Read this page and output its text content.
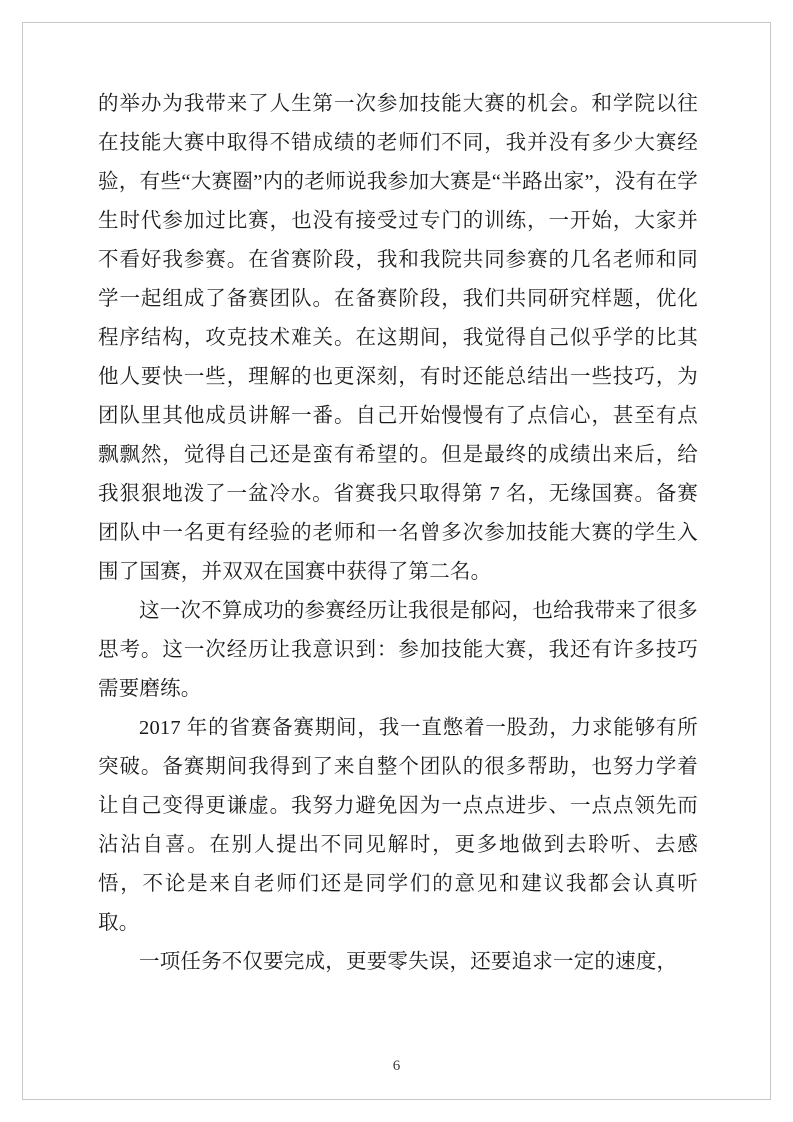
的举办为我带来了人生第一次参加技能大赛的机会。和学院以往在技能大赛中取得不错成绩的老师们不同，我并没有多少大赛经验，有些“大赛圈”内的老师说我参加大赛是“半路出家”，没有在学生时代参加过比赛，也没有接受过专门的训练，一开始，大家并不看好我参赛。在省赛阶段，我和我院共同参赛的几名老师和同学一起组成了备赛团队。在备赛阶段，我们共同研究样题，优化程序结构，攻克技术难关。在这期间，我觉得自己似乎学的比其他人要快一些，理解的也更深刻，有时还能总结出一些技巧，为团队里其他成员讲解一番。自己开始慢慢有了点信心，甚至有点飘飘然，觉得自己还是蛮有希望的。但是最终的成绩出来后，给我狠狠地泼了一盆冷水。省赛我只取得第 7 名，无缘国赛。备赛团队中一名更有经验的老师和一名曾多次参加技能大赛的学生入围了国赛，并双双在国赛中获得了第二名。

这一次不算成功的参赛经历让我很是郁闷，也给我带来了很多思考。这一次经历让我意识到：参加技能大赛，我还有许多技巧需要磨练。

2017 年的省赛备赛期间，我一直憋着一股劲，力求能够有所突破。备赛期间我得到了来自整个团队的很多帮助，也努力学着让自己变得更谦虚。我努力避免因为一点点进步、一点点领先而沾沾自喜。在别人提出不同见解时，更多地做到去聆听、去感悟，不论是来自老师们还是同学们的意见和建议我都会认真听取。

一项任务不仅要完成，更要零失误，还要追求一定的速度，

6
